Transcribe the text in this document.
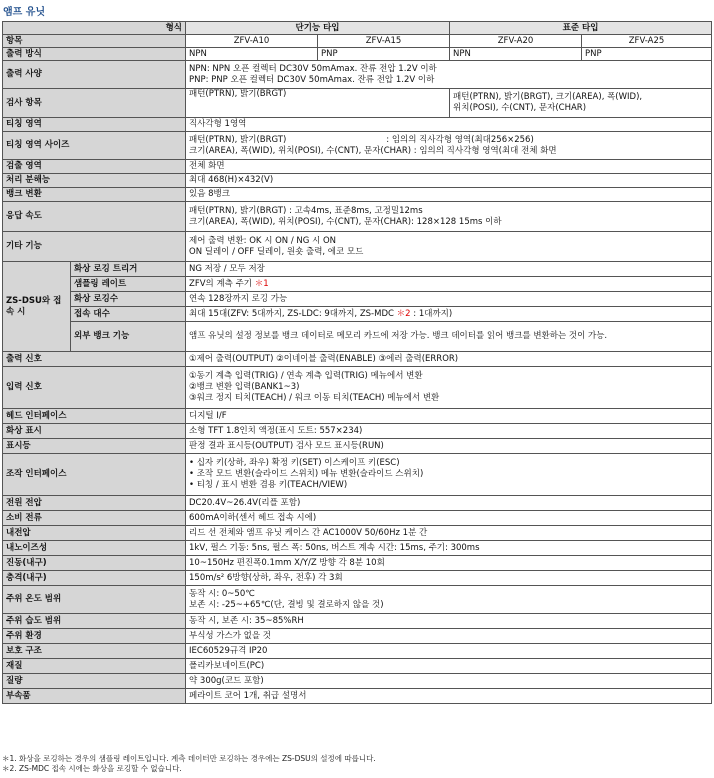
앰프 유닛
형식		단기능 타입		표준 타입	
항목		ZFV-A10	ZFV-A15	ZFV-A20	ZFV-A25
출력 방식		NPN	PNP	NPN	PNP
출력 사양		NPN: NPN 오픈 컬렉터 DC30V 50mAmax. 잔류 전압 1.2V 이하
PNP: PNP 오픈 컬렉터 DC30V 50mAmax. 잔류 전압 1.2V 이하			

검사 항목		패턴(PTRN), 밝기(BRGT)		패턴(PTRN), 밝기(BRGT), 크기(AREA), 폭(WID),
위치(POSI), 수(CNT), 문자(CHAR)	

티칭 영역		직사각형 1영역			
티칭 영역 사이즈		패턴(PTRN), 밝기(BRGT)                                     : 임의의 직사각형 영역(최대256×256)
크기(AREA), 폭(WID), 위치(POSI), 수(CNT), 문자(CHAR) : 임의의 직사각형 영역(최대 전체 화면			

검출 영역		전체 화면			
처리 분해능		최대 468(H)×432(V)			
뱅크 변환		있음 8뱅크			
응답 속도		패턴(PTRN), 밝기(BRGT) : 고속4ms, 표준8ms, 고정밀12ms
크기(AREA), 폭(WID), 위치(POSI), 수(CNT), 문자(CHAR): 128×128 15ms 이하			

기타 기능		제어 출력 변환: OK 시 ON / NG 시 ON
ON 딜레이 / OFF 딜레이, 원숏 출력, 에코 모드			

ZS-DSU와 접속 시	화상 로깅 트리거	NG 저장 / 모두 저장			
	샘플링 레이트	ZFV의 계측 주기 ＊1			
	화상 로깅수	연속 128장까지 로깅 가능			
	접속 대수	최대 15대(ZFV: 5대까지, ZS-LDC: 9대까지, ZS-MDC ＊2 : 1대까지)			
	외부 뱅크 기능	앰프 유닛의 설정 정보를 뱅크 데이터로 메모리 카드에 저장 가능. 뱅크 데이터를 읽어 뱅크를 변환하는 것이 가능.			
출력 신호		①제어 출력(OUTPUT) ②이네이블 출력(ENABLE) ③에러 출력(ERROR)			
입력 신호		①동기 계측 입력(TRIG) / 연속 계측 입력(TRIG) 메뉴에서 변환
②뱅크 변환 입력(BANK1~3)
③워크 정지 티치(TEACH) / 워크 이동 티치(TEACH) 메뉴에서 변환			

헤드 인터페이스		디지털 I/F			
화상 표시		소형 TFT 1.8인치 액정(표시 도트: 557×234)			
표시등		판정 결과 표시등(OUTPUT) 검사 모드 표시등(RUN)			
조작 인터페이스		• 십자 키(상하, 좌우) 확정 키(SET) 이스케이프 키(ESC)
• 조작 모드 변환(슬라이드 스위치) 메뉴 변환(슬라이드 스위치)
• 티칭 / 표시 변환 겸용 키(TEACH/VIEW)			

전원 전압		DC20.4V~26.4V(리플 포함)			
소비 전류		600mA이하(센서 헤드 접속 시에)			
내전압		리드 선 전체와 앰프 유닛 케이스 간 AC1000V 50/60Hz 1분 간			
내노이즈성		1kV, 펄스 기동: 5ns, 펄스 폭: 50ns, 버스트 계속 시간: 15ms, 주기: 300ms			
진동(내구)		10~150Hz 편진폭0.1mm X/Y/Z 방향 각 8분 10회			
충격(내구)		150m/s² 6방향(상하, 좌우, 전후) 각 3회			
주위 온도 범위		동작 시: 0~50℃
보존 시: -25~+65℃(단, 결빙 및 결로하지 않을 것)			

주위 습도 범위		동작 시, 보존 시: 35~85%RH			
주위 환경		부식성 가스가 없을 것			
보호 구조		IEC60529규격 IP20			
재질		폴리카보네이트(PC)			
질량		약 300g(코드 포함)			
부속품		페라이트 코어 1개, 취급 설명서			
＊1. 화상을 로깅하는 경우의 샘플링 레이트입니다. 계측 데이터만 로깅하는 경우에는 ZS-DSU의 설정에 따릅니다.
＊2. ZS-MDC 접속 시에는 화상을 로깅할 수 없습니다.
